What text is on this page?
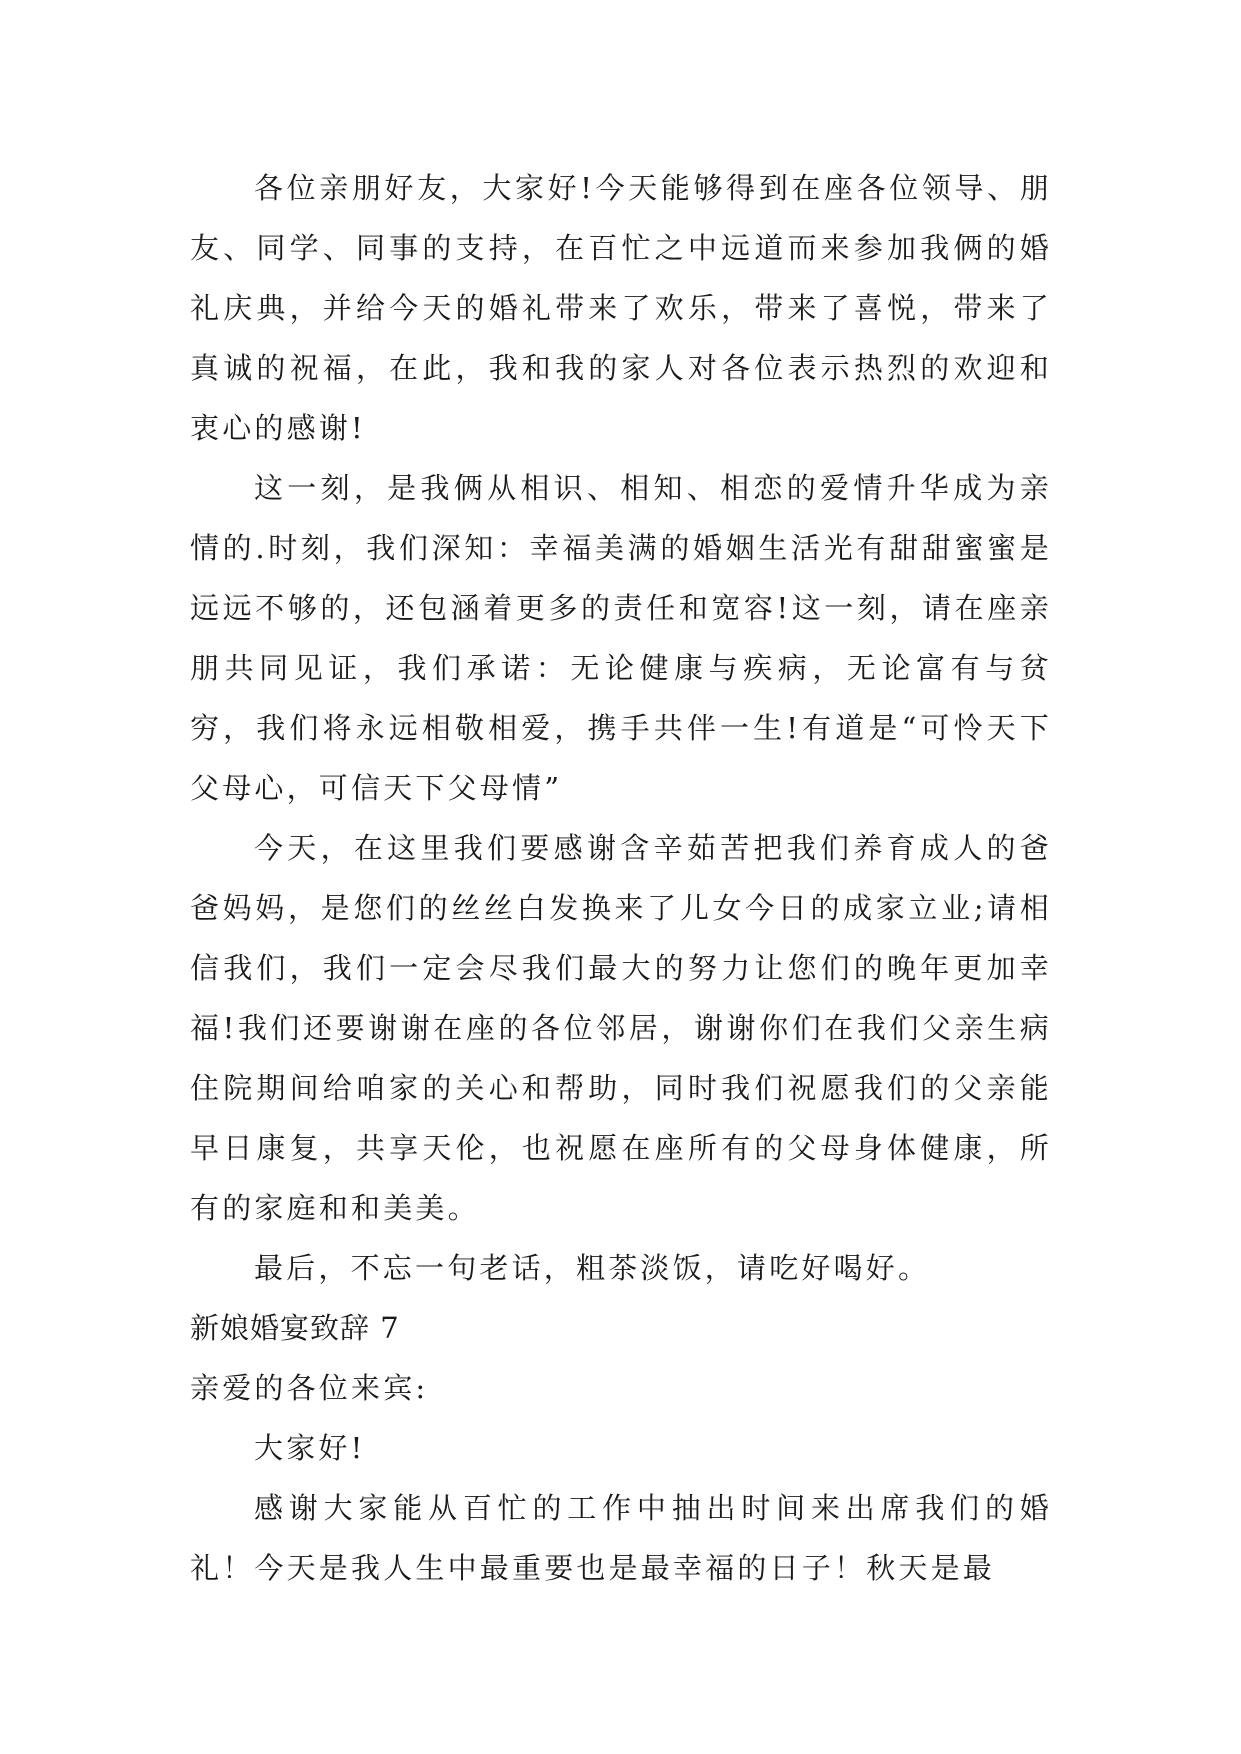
各位亲朋好友，大家好!今天能够得到在座各位领导、朋友、同学、同事的支持，在百忙之中远道而来参加我俩的婚礼庆典，并给今天的婚礼带来了欢乐，带来了喜悦，带来了真诚的祝福，在此，我和我的家人对各位表示热烈的欢迎和衷心的感谢!

这一刻，是我俩从相识、相知、相恋的爱情升华成为亲情的.时刻，我们深知：幸福美满的婚姻生活光有甜甜蜜蜜是远远不够的，还包涵着更多的责任和宽容!这一刻，请在座亲朋共同见证，我们承诺：无论健康与疾病，无论富有与贫穷，我们将永远相敬相爱，携手共伴一生!有道是“可怜天下父母心，可信天下父母情”

今天，在这里我们要感谢含辛茹苦把我们养育成人的爸爸妈妈，是您们的丝丝白发换来了儿女今日的成家立业;请相信我们，我们一定会尽我们最大的努力让您们的晚年更加幸福!我们还要谢谢在座的各位邻居，谢谢你们在我们父亲生病住院期间给咱家的关心和帮助，同时我们祝愿我们的父亲能早日康复，共享天伦，也祝愿在座所有的父母身体健康，所有的家庭和和美美。

最后，不忘一句老话，粗茶淡饭，请吃好喝好。

新娘婚宴致辞 7

亲爱的各位来宾:

大家好!

感谢大家能从百忙的工作中抽出时间来出席我们的婚礼！今天是我人生中最重要也是最幸福的日子！秋天是最
